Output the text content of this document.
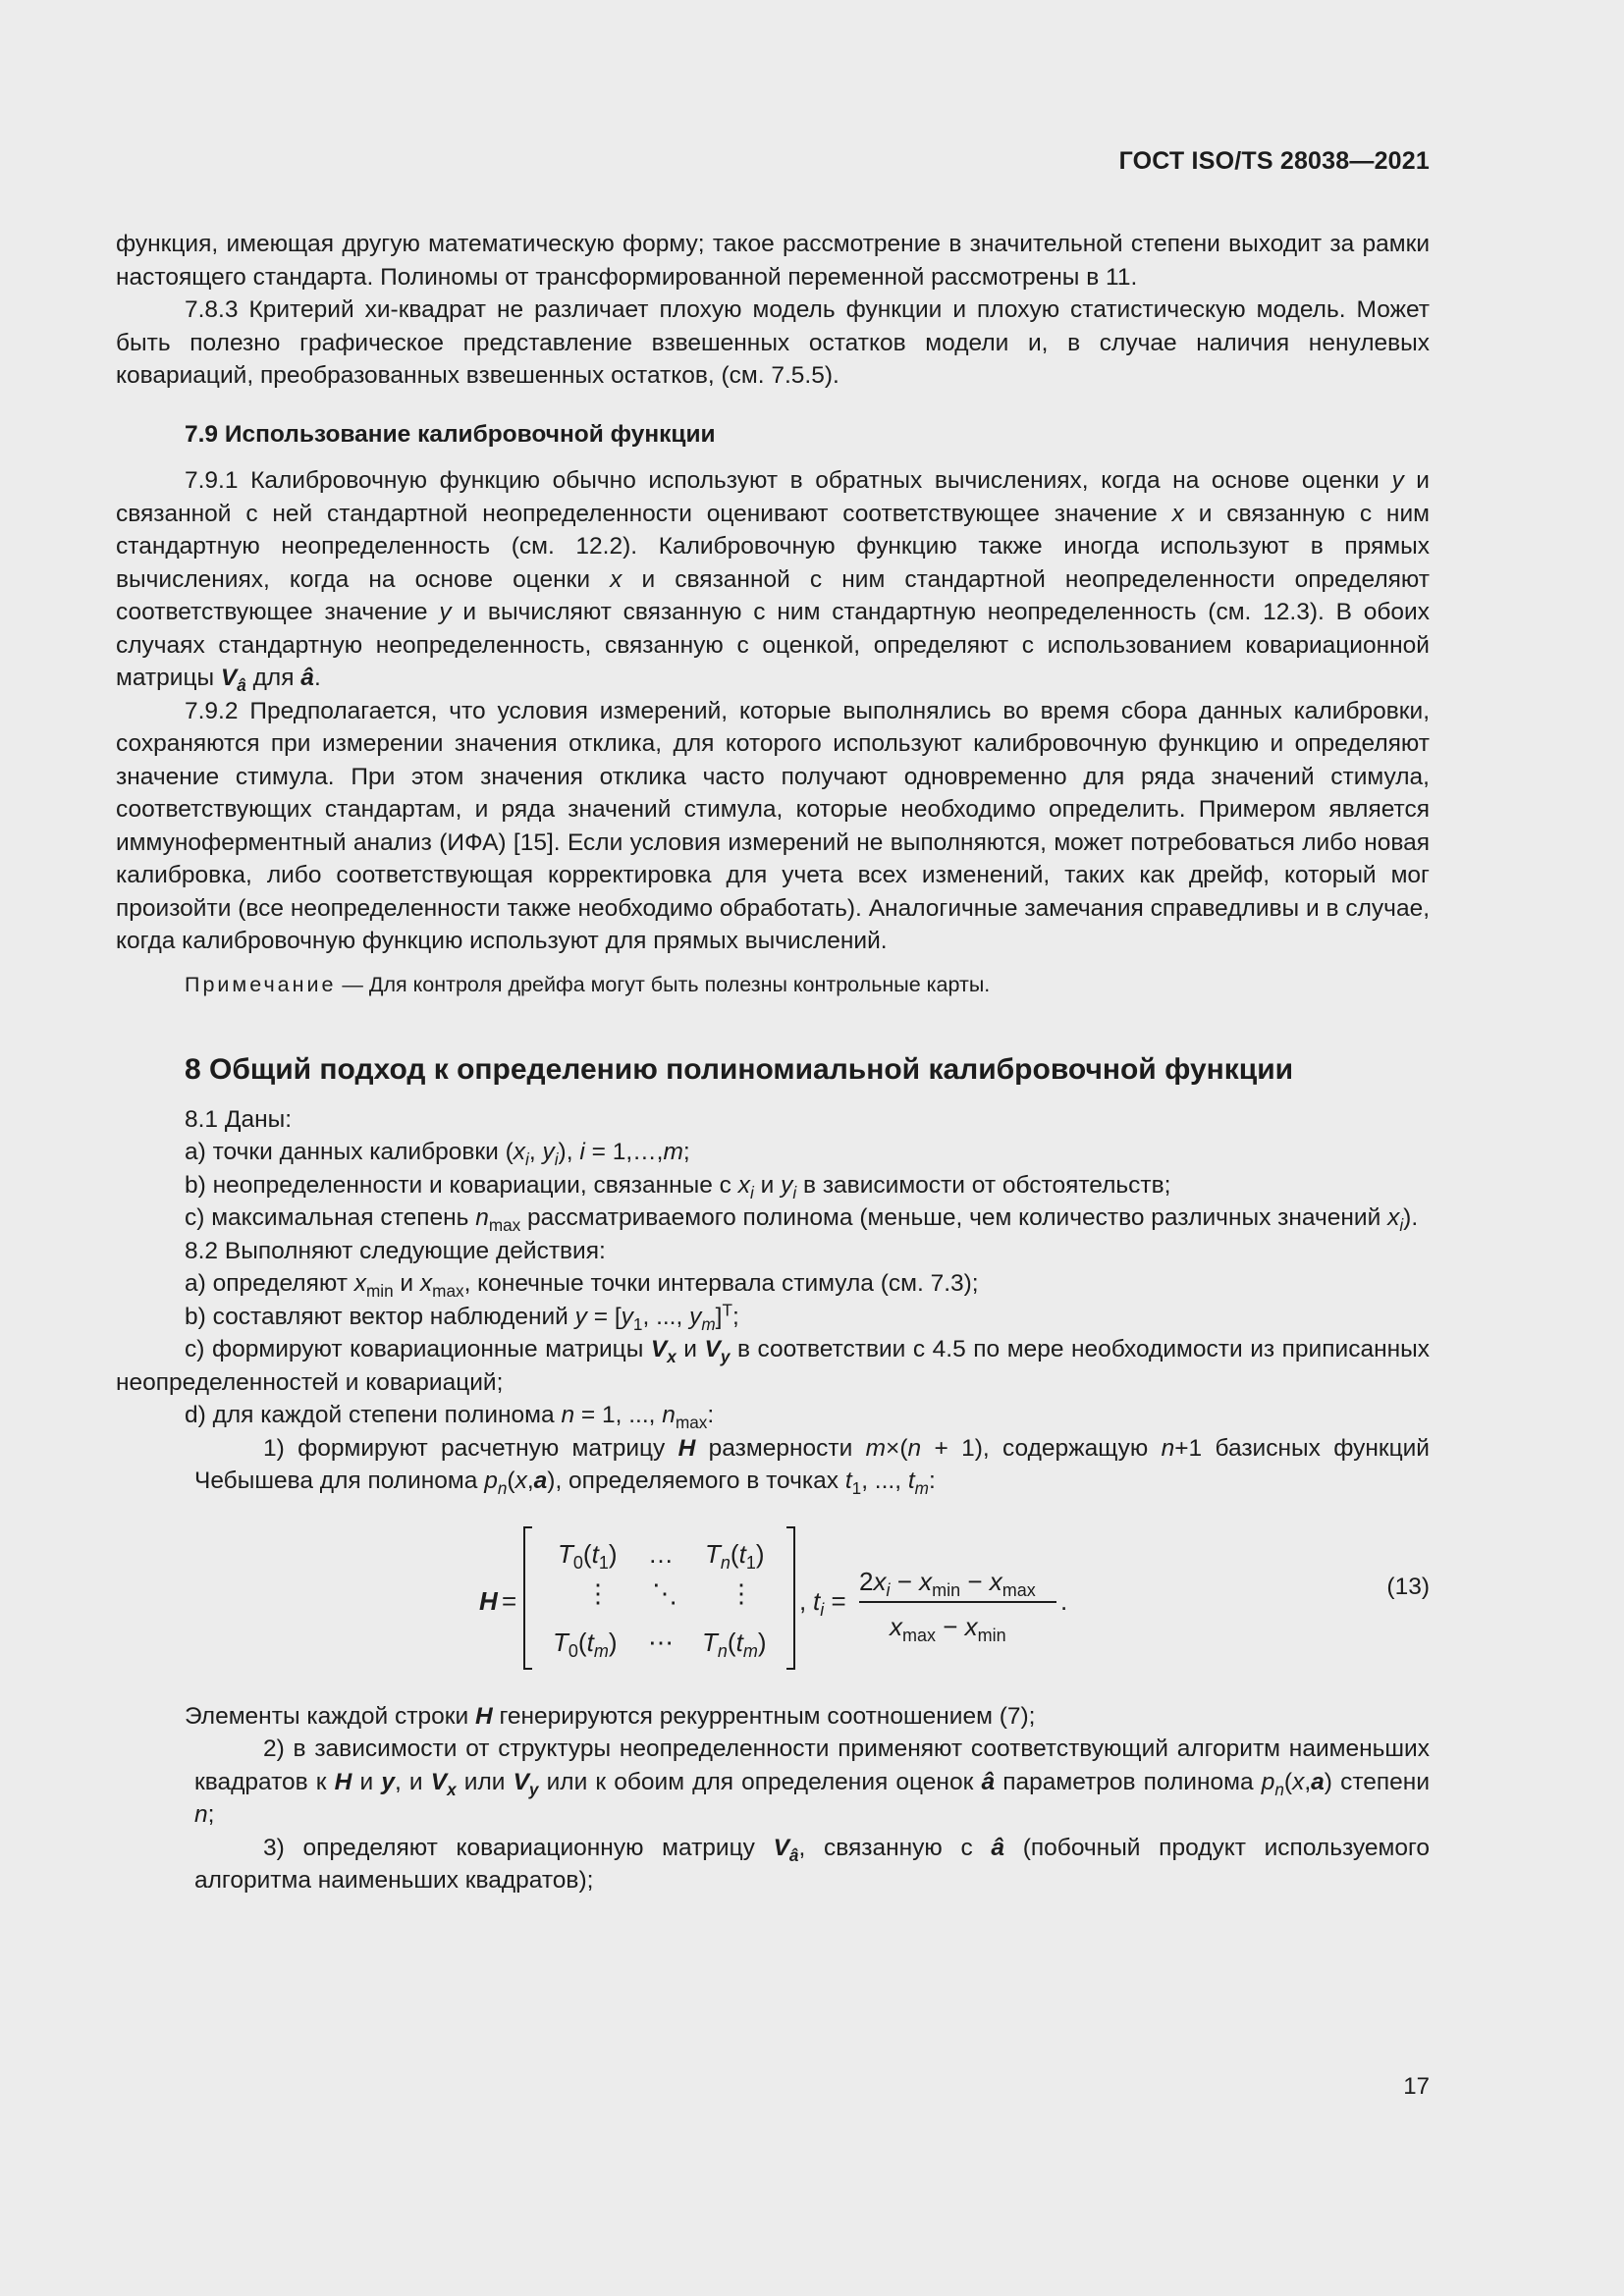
ГОСТ ISO/TS 28038—2021

функция, имеющая другую математическую форму; такое рассмотрение в значительной степени выходит за рамки настоящего стандарта. Полиномы от трансформированной переменной рассмотрены в 11.

7.8.3 Критерий хи-квадрат не различает плохую модель функции и плохую статистическую модель. Может быть полезно графическое представление взвешенных остатков модели и, в случае наличия ненулевых ковариаций, преобразованных взвешенных остатков, (см. 7.5.5).

7.9 Использование калибровочной функции

7.9.1 Калибровочную функцию обычно используют в обратных вычислениях, когда на основе оценки y и связанной с ней стандартной неопределенности оценивают соответствующее значение x и связанную с ним стандартную неопределенность (см. 12.2). Калибровочную функцию также иногда используют в прямых вычислениях, когда на основе оценки x и связанной с ним стандартной неопределенности определяют соответствующее значение y и вычисляют связанную с ним стандартную неопределенность (см. 12.3). В обоих случаях стандартную неопределенность, связанную с оценкой, определяют с использованием ковариационной матрицы $V_â$ для â.

7.9.2 Предполагается, что условия измерений, которые выполнялись во время сбора данных калибровки, сохраняются при измерении значения отклика, для которого используют калибровочную функцию и определяют значение стимула. При этом значения отклика часто получают одновременно для ряда значений стимула, соответствующих стандартам, и ряда значений стимула, которые необходимо определить. Примером является иммуноферментный анализ (ИФА) [15]. Если условия измерений не выполняются, может потребоваться либо новая калибровка, либо соответствующая корректировка для учета всех изменений, таких как дрейф, который мог произойти (все неопределенности также необходимо обработать). Аналогичные замечания справедливы и в случае, когда калибровочную функцию используют для прямых вычислений.

Примечание — Для контроля дрейфа могут быть полезны контрольные карты.

8 Общий подход к определению полиномиальной калибровочной функции

8.1 Даны:

a) точки данных калибровки ($x_i$, $y_i$), i = 1,…,m;

b) неопределенности и ковариации, связанные с $x_i$ и $y_i$ в зависимости от обстоятельств;

c) максимальная степень $n_{max}$ рассматриваемого полинома (меньше, чем количество различных значений $x_i$).

8.2 Выполняют следующие действия:

a) определяют $x_{min}$ и $x_{max}$, конечные точки интервала стимула (см. 7.3);

b) составляют вектор наблюдений $y = [y_1$, ..., $y_m]^T$;

c) формируют ковариационные матрицы $V_x$ и $V_y$ в соответствии с 4.5 по мере необходимости из приписанных неопределенностей и ковариаций;

d) для каждой степени полинома n = 1, ..., $n_{max}$:

1) формируют расчетную матрицу H размерности m×(n + 1), содержащую n+1 базисных функций Чебышева для полинома $p_n(x,a)$, определяемого в точках $t_1$, ..., $t_m$:

H =
$T_0(t_1)$ … $T_n(t_1)$
⋮ ⋱ ⋮
$T_0(t_m)$ ⋯ $T_n(t_m)$
, $t_i$ =
$2x_i - x_{min} - x_{max}$
$x_{max} - x_{min}$
.	(13)

Элементы каждой строки H генерируются рекуррентным соотношением (7);

2) в зависимости от структуры неопределенности применяют соответствующий алгоритм наименьших квадратов к H и y, и $V_x$ или $V_y$ или к обоим для определения оценок â параметров полинома $p_n(x,a)$ степени n;

3) определяют ковариационную матрицу $V_â$, связанную с â (побочный продукт используемого алгоритма наименьших квадратов);

17
